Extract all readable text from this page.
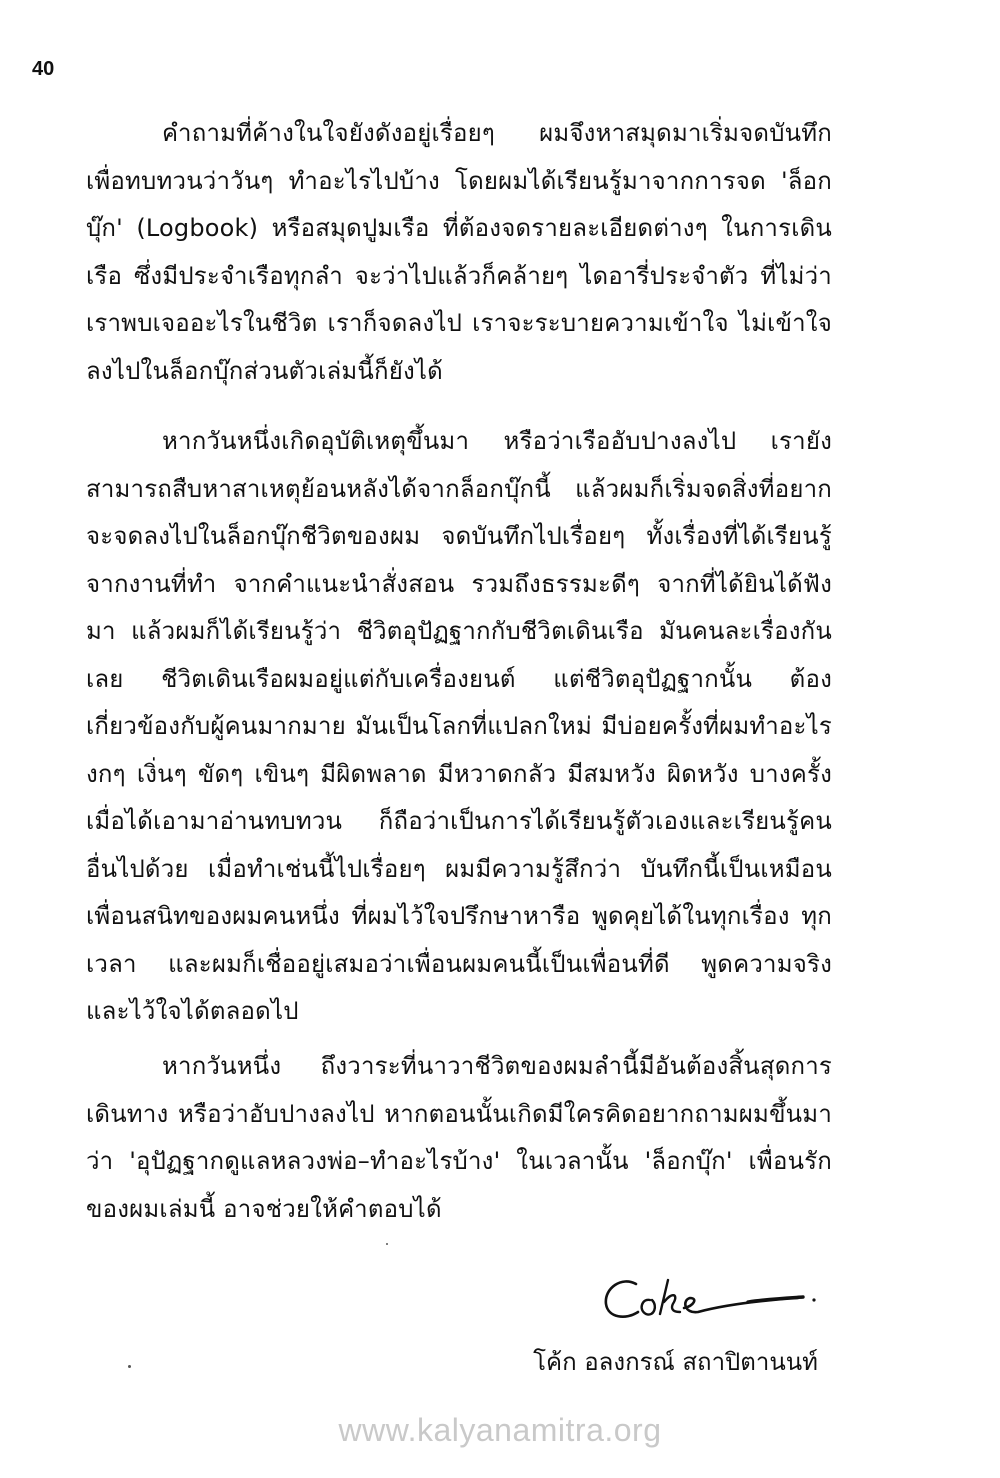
40

คำถามที่ค้างในใจยังดังอยู่เรื่อยๆ ผมจึงหาสมุดมาเริ่มจดบันทึก เพื่อทบทวนว่าวันๆ ทำอะไรไปบ้าง โดยผมได้เรียนรู้มาจากการจด 'ล็อกบุ๊ก' (Logbook) หรือสมุดปูมเรือ ที่ต้องจดรายละเอียดต่างๆ ในการเดินเรือ ซึ่งมีประจำเรือทุกลำ จะว่าไปแล้วก็คล้ายๆ ไดอารี่ประจำตัว ที่ไม่ว่าเราพบเจออะไรในชีวิต เราก็จดลงไป เราจะระบายความเข้าใจ ไม่เข้าใจ ลงไปในล็อกบุ๊กส่วนตัวเล่มนี้ก็ยังได้

หากวันหนึ่งเกิดอุบัติเหตุขึ้นมา หรือว่าเรืออับปางลงไป เรายังสามารถสืบหาสาเหตุย้อนหลังได้จากล็อกบุ๊กนี้ แล้วผมก็เริ่มจดสิ่งที่อยากจะจดลงไปในล็อกบุ๊กชีวิตของผม จดบันทึกไปเรื่อยๆ ทั้งเรื่องที่ได้เรียนรู้จากงานที่ทำ จากคำแนะนำสั่งสอน รวมถึงธรรมะดีๆ จากที่ได้ยินได้ฟังมา แล้วผมก็ได้เรียนรู้ว่า ชีวิตอุปัฏฐากกับชีวิตเดินเรือ มันคนละเรื่องกันเลย ชีวิตเดินเรือผมอยู่แต่กับเครื่องยนต์ แต่ชีวิตอุปัฏฐากนั้น ต้องเกี่ยวข้องกับผู้คนมากมาย มันเป็นโลกที่แปลกใหม่ มีบ่อยครั้งที่ผมทำอะไรงกๆ เงิ่นๆ ขัดๆ เขินๆ มีผิดพลาด มีหวาดกลัว มีสมหวัง ผิดหวัง บางครั้งเมื่อได้เอามาอ่านทบทวน ก็ถือว่าเป็นการได้เรียนรู้ตัวเองและเรียนรู้คนอื่นไปด้วย เมื่อทำเช่นนี้ไปเรื่อยๆ ผมมีความรู้สึกว่า บันทึกนี้เป็นเหมือนเพื่อนสนิทของผมคนหนึ่ง ที่ผมไว้ใจปรึกษาหารือ พูดคุยได้ในทุกเรื่อง ทุกเวลา และผมก็เชื่ออยู่เสมอว่าเพื่อนผมคนนี้เป็นเพื่อนที่ดี พูดความจริง และไว้ใจได้ตลอดไป

หากวันหนึ่ง ถึงวาระที่นาวาชีวิตของผมลำนี้มีอันต้องสิ้นสุดการเดินทาง หรือว่าอับปางลงไป หากตอนนั้นเกิดมีใครคิดอยากถามผมขึ้นมาว่า 'อุปัฏฐากดูแลหลวงพ่อ–ทำอะไรบ้าง' ในเวลานั้น 'ล็อกบุ๊ก' เพื่อนรักของผมเล่มนี้ อาจช่วยให้คำตอบได้

โค้ก อลงกรณ์ สถาปิตานนท์
www.kalyanamitra.org
